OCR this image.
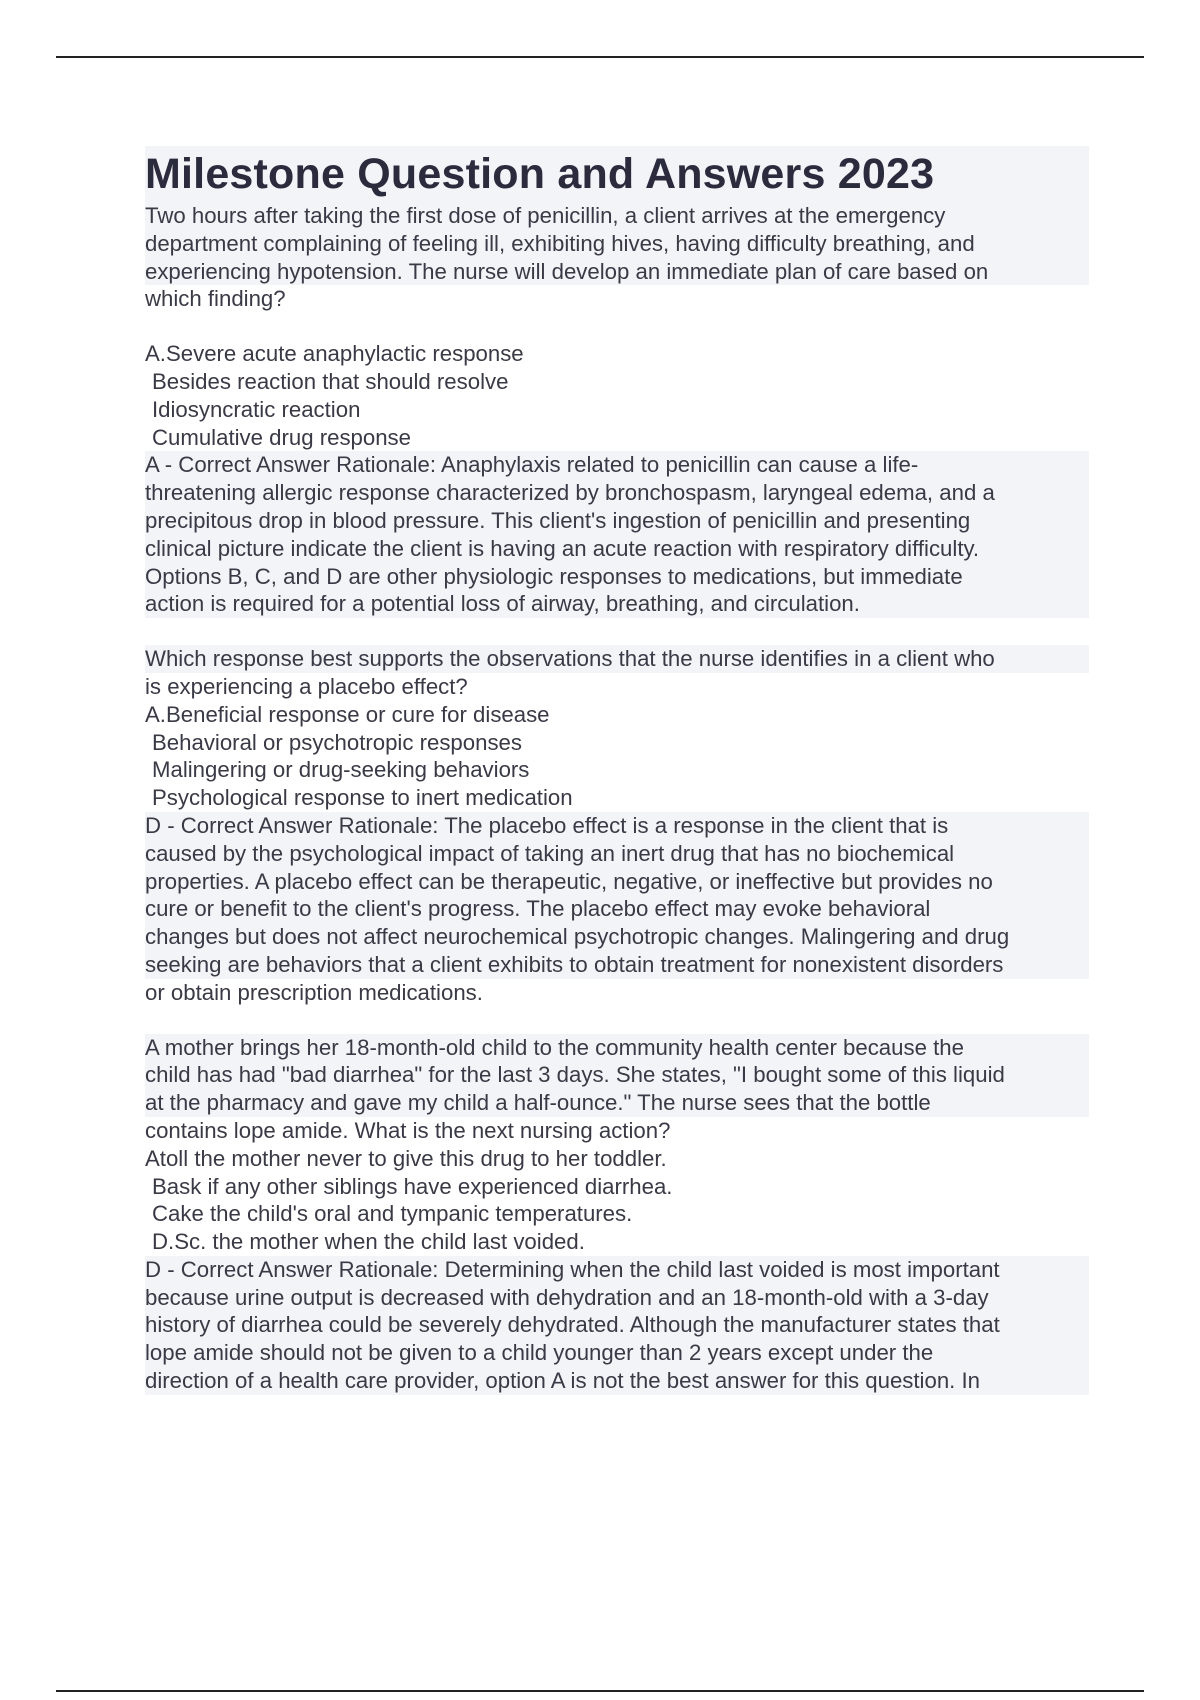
Milestone Question and Answers 2023
Two hours after taking the first dose of penicillin, a client arrives at the emergency
department complaining of feeling ill, exhibiting hives, having difficulty breathing, and
experiencing hypotension. The nurse will develop an immediate plan of care based on
which finding?
A.Severe acute anaphylactic response
Besides reaction that should resolve
Idiosyncratic reaction
Cumulative drug response
A - Correct Answer Rationale: Anaphylaxis related to penicillin can cause a life-
threatening allergic response characterized by bronchospasm, laryngeal edema, and a
precipitous drop in blood pressure. This client's ingestion of penicillin and presenting
clinical picture indicate the client is having an acute reaction with respiratory difficulty.
Options B, C, and D are other physiologic responses to medications, but immediate
action is required for a potential loss of airway, breathing, and circulation.
Which response best supports the observations that the nurse identifies in a client who
is experiencing a placebo effect?
A.Beneficial response or cure for disease
Behavioral or psychotropic responses
Malingering or drug-seeking behaviors
Psychological response to inert medication
D - Correct Answer Rationale: The placebo effect is a response in the client that is
caused by the psychological impact of taking an inert drug that has no biochemical
properties. A placebo effect can be therapeutic, negative, or ineffective but provides no
cure or benefit to the client's progress. The placebo effect may evoke behavioral
changes but does not affect neurochemical psychotropic changes. Malingering and drug
seeking are behaviors that a client exhibits to obtain treatment for nonexistent disorders
or obtain prescription medications.
A mother brings her 18-month-old child to the community health center because the
child has had "bad diarrhea" for the last 3 days. She states, "I bought some of this liquid
at the pharmacy and gave my child a half-ounce." The nurse sees that the bottle
contains lope amide. What is the next nursing action?
Atoll the mother never to give this drug to her toddler.
Bask if any other siblings have experienced diarrhea.
Cake the child's oral and tympanic temperatures.
D.Sc. the mother when the child last voided.
D - Correct Answer Rationale: Determining when the child last voided is most important
because urine output is decreased with dehydration and an 18-month-old with a 3-day
history of diarrhea could be severely dehydrated. Although the manufacturer states that
lope amide should not be given to a child younger than 2 years except under the
direction of a health care provider, option A is not the best answer for this question. In
